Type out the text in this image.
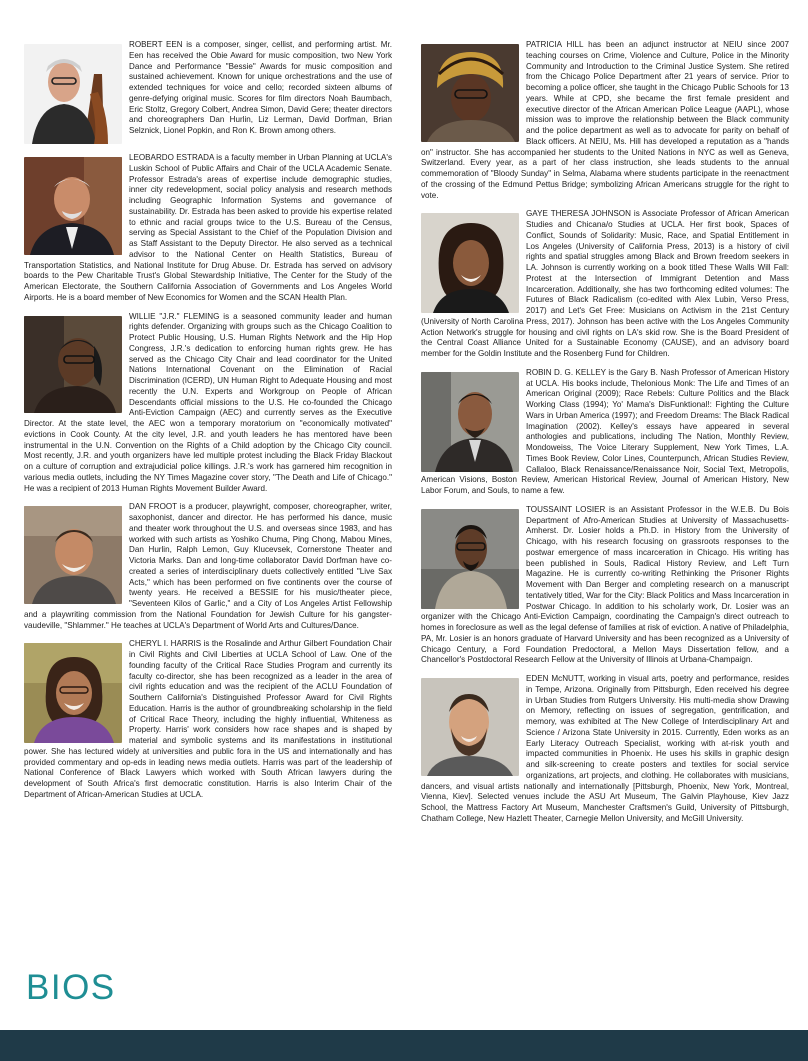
ROBERT EEN is a composer, singer, cellist, and performing artist. Mr. Een has received the Obie Award for music composition, two New York Dance and Performance "Bessie" Awards for music composition and sustained achievement. Known for unique orchestrations and the use of extended techniques for voice and cello; recorded sixteen albums of genre-defying original music. Scores for film directors Noah Baumbach, Eric Stoltz, Gregory Colbert, Andrea Simon, David Gere; theater directors and choreographers Dan Hurlin, Liz Lerman, David Dorfman, Brian Selznick, Lionel Popkin, and Ron K. Brown among others.

LEOBARDO ESTRADA is a faculty member in Urban Planning at UCLA's Luskin School of Public Affairs and Chair of the UCLA Academic Senate. Professor Estrada's areas of expertise include demographic studies, inner city redevelopment, social policy analysis and research methods including Geographic Information Systems and governance of sustainability. Dr. Estrada has been asked to provide his expertise related to ethnic and racial groups twice to the U.S. Bureau of the Census, serving as Special Assistant to the Chief of the Population Division and as Staff Assistant to the Deputy Director. He also served as a technical advisor to the National Center on Health Statistics, Bureau of Transportation Statistics, and National Institute for Drug Abuse. Dr. Estrada has served on advisory boards to the Pew Charitable Trust's Global Stewardship Initiative, The Center for the Study of the American Electorate, the Southern California Association of Governments and Los Angeles World Airports. He is a board member of New Economics for Women and the SCAN Health Plan.

WILLIE "J.R." FLEMING is a seasoned community leader and human rights defender. Organizing with groups such as the Chicago Coalition to Protect Public Housing, U.S. Human Rights Network and the Hip Hop Congress, J.R.'s dedication to enforcing human rights grew. He has served as the Chicago City Chair and lead coordinator for the United Nations International Covenant on the Elimination of Racial Discrimination (ICERD), UN Human Right to Adequate Housing and most recently the U.N. Experts and Workgroup on People of African Descendants official missions to the U.S. He co-founded the Chicago Anti-Eviction Campaign (AEC) and currently serves as the Executive Director. At the state level, the AEC won a temporary moratorium on "economically motivated" evictions in Cook County. At the city level, J.R. and youth leaders he has mentored have been instrumental in the U.N. Convention on the Rights of a Child adoption by the Chicago City council. Most recently, J.R. and youth organizers have led multiple protest including the Black Friday Blackout on a culture of corruption and extrajudicial police killings. J.R.'s work has garnered him recognition in various media outlets, including the NY Times Magazine cover story, "The Death and Life of Chicago." He was a recipient of 2013 Human Rights Movement Builder Award.

DAN FROOT is a producer, playwright, composer, choreographer, writer, saxophonist, dancer and director. He has performed his dance, music and theater work throughout the U.S. and overseas since 1983, and has worked with such artists as Yoshiko Chuma, Ping Chong, Mabou Mines, Dan Hurlin, Ralph Lemon, Guy Klucevsek, Cornerstone Theater and Victoria Marks. Dan and long-time collaborator David Dorfman have co-created a series of interdisciplinary duets collectively entitled "Live Sax Acts," which has been performed on five continents over the course of twenty years. He received a BESSIE for his music/theater piece, "Seventeen Kilos of Garlic," and a City of Los Angeles Artist Fellowship and a playwriting commission from the National Foundation for Jewish Culture for his gangster-vaudeville, "Shlammer." He teaches at UCLA's Department of World Arts and Cultures/Dance.

CHERYL I. HARRIS is the Rosalinde and Arthur Gilbert Foundation Chair in Civil Rights and Civil Liberties at UCLA School of Law. One of the founding faculty of the Critical Race Studies Program and currently its faculty co-director, she has been recognized as a leader in the area of civil rights education and was the recipient of the ACLU Foundation of Southern California's Distinguished Professor Award for Civil Rights Education. Harris is the author of groundbreaking scholarship in the field of Critical Race Theory, including the highly influential, Whiteness as Property. Harris' work considers how race shapes and is shaped by material and symbolic systems and its manifestations in institutional power. She has lectured widely at universities and public fora in the US and internationally and has provided commentary and op-eds in leading news media outlets. Harris was part of the leadership of National Conference of Black Lawyers which worked with South African lawyers during the development of South Africa's first democratic constitution. Harris is also Interim Chair of the Department of African-American Studies at UCLA.

PATRICIA HILL has been an adjunct instructor at NEIU since 2007 teaching courses on Crime, Violence and Culture, Police in the Minority Community and Introduction to the Criminal Justice System. She retired from the Chicago Police Department after 21 years of service. Prior to becoming a police officer, she taught in the Chicago Public Schools for 13 years. While at CPD, she became the first female president and executive director of the African American Police League (AAPL), whose mission was to improve the relationship between the Black community and the police department as well as to advocate for parity on behalf of Black officers. At NEIU, Ms. Hill has developed a reputation as a "hands on" instructor. She has accompanied her students to the United Nations in NYC as well as Geneva, Switzerland. Every year, as a part of her class instruction, she leads students to the annual commemoration of "Bloody Sunday" in Selma, Alabama where students participate in the reenactment of the crossing of the Edmund Pettus Bridge; symbolizing African Americans struggle for the right to vote.

GAYE THERESA JOHNSON is Associate Professor of African American Studies and Chicana/o Studies at UCLA. Her first book, Spaces of Conflict, Sounds of Solidarity: Music, Race, and Spatial Entitlement in Los Angeles (University of California Press, 2013) is a history of civil rights and spatial struggles among Black and Brown freedom seekers in LA. Johnson is currently working on a book titled These Walls Will Fall: Protest at the Intersection of Immigrant Detention and Mass Incarceration. Additionally, she has two forthcoming edited volumes: The Futures of Black Radicalism (co-edited with Alex Lubin, Verso Press, 2017) and Let's Get Free: Musicians on Activism in the 21st Century (University of North Carolina Press, 2017). Johnson has been active with the Los Angeles Community Action Network's struggle for housing and civil rights on LA's skid row. She is the Board President of the Central Coast Alliance United for a Sustainable Economy (CAUSE), and an advisory board member for the Goldin Institute and the Rosenberg Fund for Children.

ROBIN D. G. KELLEY is the Gary B. Nash Professor of American History at UCLA. His books include, Thelonious Monk: The Life and Times of an American Original (2009); Race Rebels: Culture Politics and the Black Working Class (1994); Yo' Mama's DisFunktional!: Fighting the Culture Wars in Urban America (1997); and Freedom Dreams: The Black Radical Imagination (2002). Kelley's essays have appeared in several anthologies and publications, including The Nation, Monthly Review, Mondoweiss, The Voice Literary Supplement, New York Times, L.A. Times Book Review, Color Lines, Counterpunch, African Studies Review, Callaloo, Black Renaissance/Renaissance Noir, Social Text, Metropolis, American Visions, Boston Review, American Historical Review, Journal of American History, New Labor Forum, and Souls, to name a few.

TOUSSAINT LOSIER is an Assistant Professor in the W.E.B. Du Bois Department of Afro-American Studies at University of Massachusetts-Amherst. Dr. Losier holds a Ph.D. in History from the University of Chicago, with his research focusing on grassroots responses to the postwar emergence of mass incarceration in Chicago. His writing has been published in Souls, Radical History Review, and Left Turn Magazine. He is currently co-writing Rethinking the Prisoner Rights Movement with Dan Berger and completing research on a manuscript tentatively titled, War for the City: Black Politics and Mass Incarceration in Postwar Chicago. In addition to his scholarly work, Dr. Losier was an organizer with the Chicago Anti-Eviction Campaign, coordinating the Campaign's direct outreach to homes in foreclosure as well as the legal defense of families at risk of eviction. A native of Philadelphia, PA, Mr. Losier is an honors graduate of Harvard University and has been recognized as a University of Chicago Century, a Ford Foundation Predoctoral, a Mellon Mays Dissertation fellow, and a Chancellor's Postdoctoral Research Fellow at the University of Illinois at Urbana-Champaign.

EDEN McNUTT, working in visual arts, poetry and performance, resides in Tempe, Arizona. Originally from Pittsburgh, Eden received his degree in Urban Studies from Rutgers University. His multi-media show Drawing on Memory, reflecting on issues of segregation, gentrification, and memory, was exhibited at The New College of Interdisciplinary Art and Science / Arizona State University in 2015. Currently, Eden works as an Early Literacy Outreach Specialist, working with at-risk youth and impacted communities in Phoenix. He uses his skills in graphic design and silk-screening to create posters and textiles for social service organizations, art projects, and clothing. He collaborates with musicians, dancers, and visual artists nationally and internationally [Pittsburgh, Phoenix, New York, Montreal, Vienna, Kiev]. Selected venues include the ASU Art Museum, The Galvin Playhouse, Kiev Jazz School, the Mattress Factory Art Museum, Manchester Craftsmen's Guild, University of Pittsburgh, Chatham College, New Hazlett Theater, Carnegie Mellon University, and McGill University.

BIOS
